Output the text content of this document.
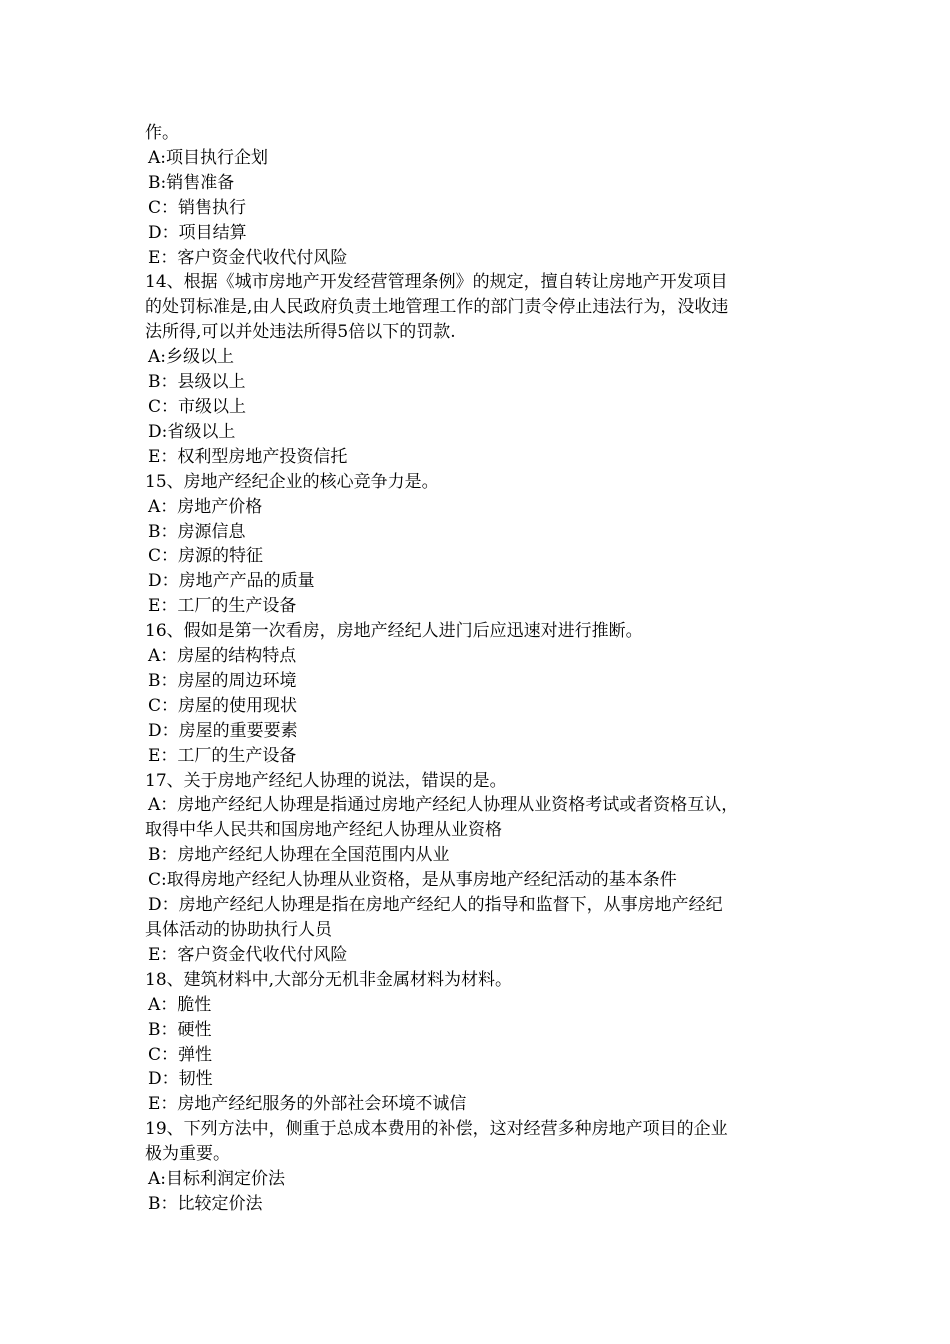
作。
A:项目执行企划
B:销售准备
C：销售执行
D：项目结算
E：客户资金代收代付风险
14、根据《城市房地产开发经营管理条例》的规定，擅自转让房地产开发项目
的处罚标准是,由人民政府负责土地管理工作的部门责令停止违法行为，没收违
法所得,可以并处违法所得5倍以下的罚款.
A:乡级以上
B：县级以上
C：市级以上
D:省级以上
E：权利型房地产投资信托
15、房地产经纪企业的核心竞争力是。
A：房地产价格
B：房源信息
C：房源的特征
D：房地产产品的质量
E：工厂的生产设备
16、假如是第一次看房，房地产经纪人进门后应迅速对进行推断。
A：房屋的结构特点
B：房屋的周边环境
C：房屋的使用现状
D：房屋的重要要素
E：工厂的生产设备
17、关于房地产经纪人协理的说法，错误的是。
A：房地产经纪人协理是指通过房地产经纪人协理从业资格考试或者资格互认，
取得中华人民共和国房地产经纪人协理从业资格
B：房地产经纪人协理在全国范围内从业
C:取得房地产经纪人协理从业资格，是从事房地产经纪活动的基本条件
D：房地产经纪人协理是指在房地产经纪人的指导和监督下，从事房地产经纪
具体活动的协助执行人员
E：客户资金代收代付风险
18、建筑材料中,大部分无机非金属材料为材料。
A：脆性
B：硬性
C：弹性
D：韧性
E：房地产经纪服务的外部社会环境不诚信
19、下列方法中，侧重于总成本费用的补偿，这对经营多种房地产项目的企业
极为重要。
A:目标利润定价法
B：比较定价法
